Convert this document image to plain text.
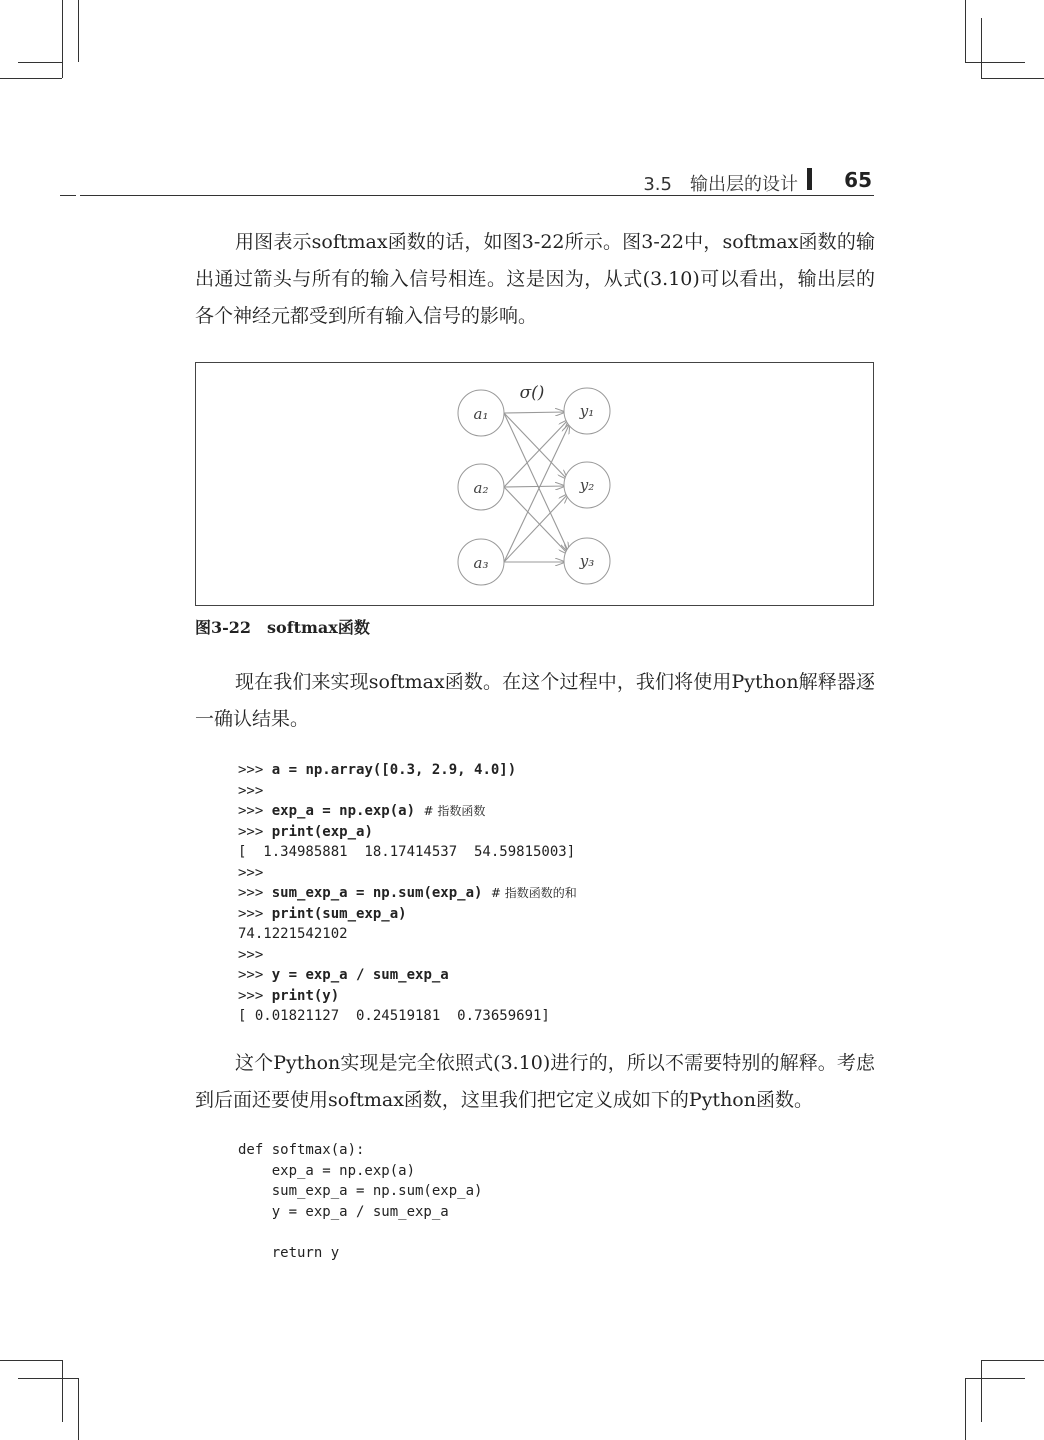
3.5　输出层的设计 65

用图表示softmax函数的话，如图3-22所示。图3-22中，softmax函数的输出通过箭头与所有的输入信号相连。这是因为，从式(3.10)可以看出，输出层的各个神经元都受到所有输入信号的影响。

σ()
a₁
a₂
a₃
y₁
y₂
y₃
图3-22　softmax函数

现在我们来实现softmax函数。在这个过程中，我们将使用Python解释器逐一确认结果。

>>> a = np.array([0.3, 2.9, 4.0])
>>>
>>> exp_a = np.exp(a) # 指数函数
>>> print(exp_a)
[  1.34985881  18.17414537  54.59815003]
>>>
>>> sum_exp_a = np.sum(exp_a) # 指数函数的和
>>> print(sum_exp_a)
74.1221542102
>>>
>>> y = exp_a / sum_exp_a
>>> print(y)
[ 0.01821127  0.24519181  0.73659691]

这个Python实现是完全依照式(3.10)进行的，所以不需要特别的解释。考虑到后面还要使用softmax函数，这里我们把它定义成如下的Python函数。

def softmax(a):
exp_a = np.exp(a)
sum_exp_a = np.sum(exp_a)
y = exp_a / sum_exp_a

return y
